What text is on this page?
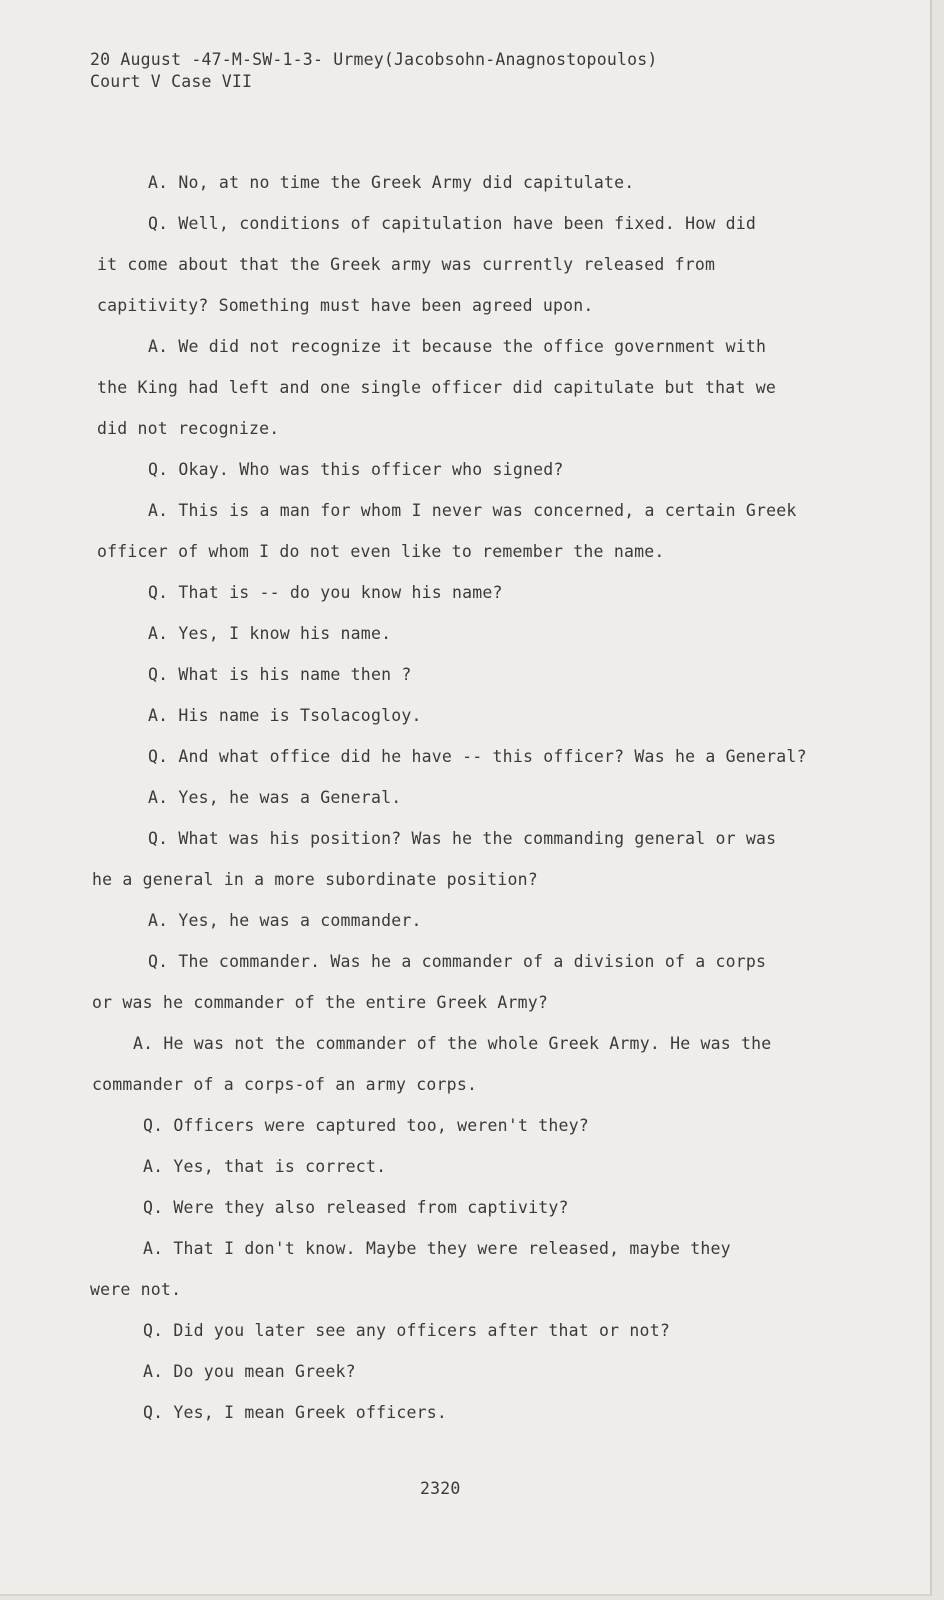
20 August -47-M-SW-1-3- Urmey(Jacobsohn-Anagnostopoulos)
Court V Case VII
A. No, at no time the Greek Army did capitulate.
Q. Well, conditions of capitulation have been fixed. How did
it come about that the Greek army was currently released from
capitivity? Something must have been agreed upon.
A. We did not recognize it because the office government with
the King had left and one single officer did capitulate but that we
did not recognize.
Q. Okay. Who was this officer who signed?
A. This is a man for whom I never was concerned, a certain Greek
officer of whom I do not even like to remember the name.
Q. That is -- do you know his name?
A. Yes, I know his name.
Q. What is his name then ?
A. His name is Tsolacogloy.
Q. And what office did he have -- this officer? Was he a General?
A. Yes, he was a General.
Q. What was his position? Was he the commanding general or was
he a general in a more subordinate position?
A. Yes, he was a commander.
Q. The commander. Was he a commander of a division of a corps
or was he commander of the entire Greek Army?
A. He was not the commander of the whole Greek Army. He was the
commander of a corps-of an army corps.
Q. Officers were captured too, weren't they?
A. Yes, that is correct.
Q. Were they also released from captivity?
A. That I don't know. Maybe they were released, maybe they
were not.
Q. Did you later see any officers after that or not?
A. Do you mean Greek?
Q. Yes, I mean Greek officers.
2320
